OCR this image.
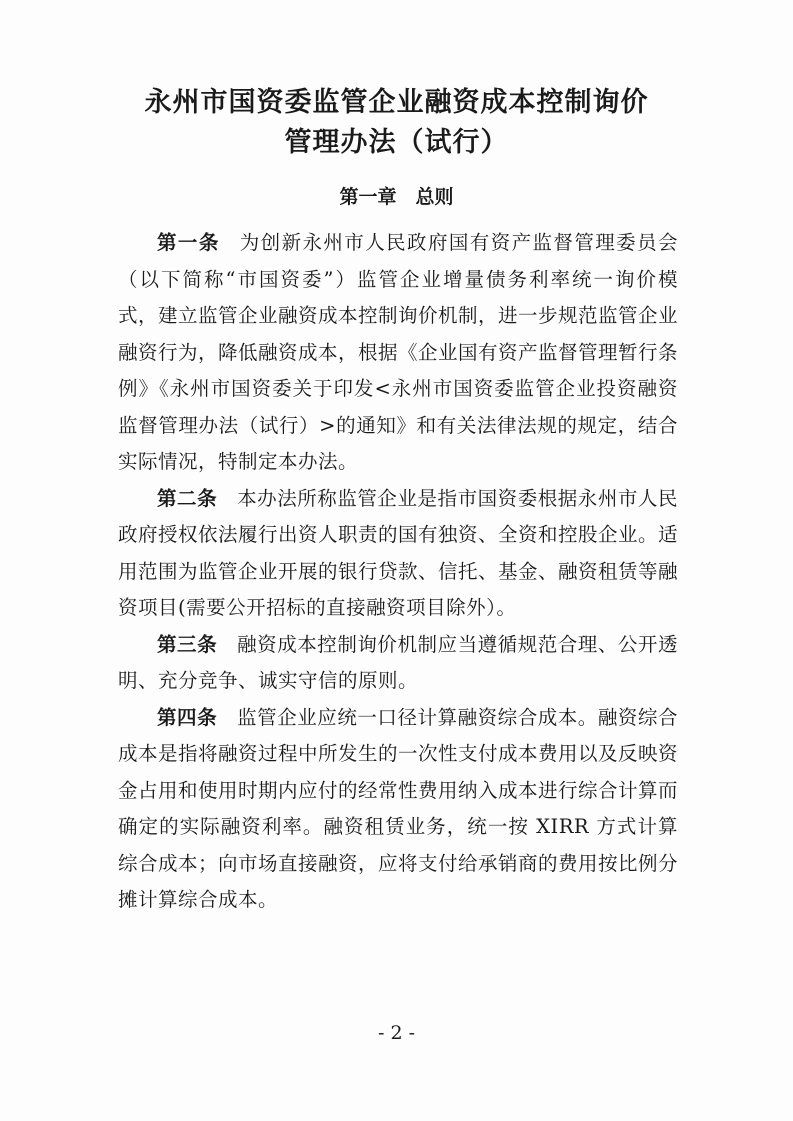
永州市国资委监管企业融资成本控制询价
管理办法（试行）
第一章　总则

第一条 为创新永州市人民政府国有资产监督管理委员会（以下简称“市国资委”）监管企业增量债务利率统一询价模式，建立监管企业融资成本控制询价机制，进一步规范监管企业融资行为，降低融资成本，根据《企业国有资产监督管理暂行条例》《永州市国资委关于印发<永州市国资委监管企业投资融资监督管理办法（试行）>的通知》和有关法律法规的规定，结合实际情况，特制定本办法。

第二条 本办法所称监管企业是指市国资委根据永州市人民政府授权依法履行出资人职责的国有独资、全资和控股企业。适用范围为监管企业开展的银行贷款、信托、基金、融资租赁等融资项目(需要公开招标的直接融资项目除外）。

第三条 融资成本控制询价机制应当遵循规范合理、公开透明、充分竞争、诚实守信的原则。

第四条 监管企业应统一口径计算融资综合成本。融资综合成本是指将融资过程中所发生的一次性支付成本费用以及反映资金占用和使用时期内应付的经常性费用纳入成本进行综合计算而确定的实际融资利率。融资租赁业务，统一按 XIRR 方式计算综合成本；向市场直接融资，应将支付给承销商的费用按比例分摊计算综合成本。

- 2 -
